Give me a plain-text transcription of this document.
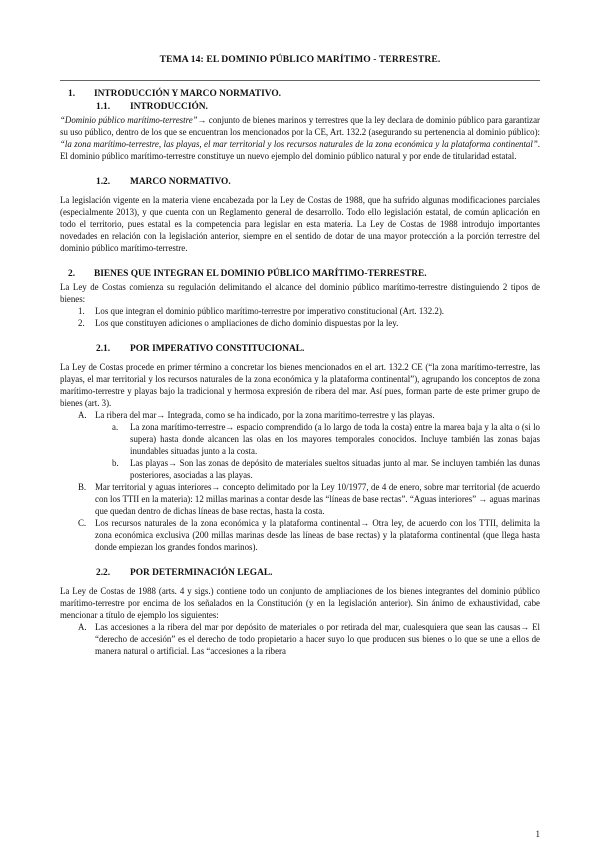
TEMA 14: EL DOMINIO PÚBLICO MARÍTIMO - TERRESTRE.
1. INTRODUCCIÓN Y MARCO NORMATIVO.
1.1. INTRODUCCIÓN.

“Dominio público marítimo-terrestre”→ conjunto de bienes marinos y terrestres que la ley declara de dominio público para garantizar su uso público, dentro de los que se encuentran los mencionados por la CE, Art. 132.2 (asegurando su pertenencia al dominio público): “la zona marítimo-terrestre, las playas, el mar territorial y los recursos naturales de la zona económica y la plataforma continental”. El dominio público marítimo-terrestre constituye un nuevo ejemplo del dominio público natural y por ende de titularidad estatal.

1.2. MARCO NORMATIVO.

La legislación vigente en la materia viene encabezada por la Ley de Costas de 1988, que ha sufrido algunas modificaciones parciales (especialmente 2013), y que cuenta con un Reglamento general de desarrollo. Todo ello legislación estatal, de común aplicación en todo el territorio, pues estatal es la competencia para legislar en esta materia. La Ley de Costas de 1988 introdujo importantes novedades en relación con la legislación anterior, siempre en el sentido de dotar de una mayor protección a la porción terrestre del dominio público marítimo-terrestre.

2. BIENES QUE INTEGRAN EL DOMINIO PÚBLICO MARÍTIMO-TERRESTRE.

La Ley de Costas comienza su regulación delimitando el alcance del dominio público marítimo-terrestre distinguiendo 2 tipos de bienes:

1. Los que integran el dominio público marítimo-terrestre por imperativo constitucional (Art. 132.2).
2. Los que constituyen adiciones o ampliaciones de dicho dominio dispuestas por la ley.
2.1. POR IMPERATIVO CONSTITUCIONAL.

La Ley de Costas procede en primer término a concretar los bienes mencionados en el art. 132.2 CE (“la zona marítimo-terrestre, las playas, el mar territorial y los recursos naturales de la zona económica y la plataforma continental”), agrupando los conceptos de zona marítimo-terrestre y playas bajo la tradicional y hermosa expresión de ribera del mar. Así pues, forman parte de este primer grupo de bienes (art. 3).

A. La ribera del mar→ Integrada, como se ha indicado, por la zona marítimo-terrestre y las playas.
a. La zona marítimo-terrestre→ espacio comprendido (a lo largo de toda la costa) entre la marea baja y la alta o (si lo supera) hasta donde alcancen las olas en los mayores temporales conocidos. Incluye también las zonas bajas inundables situadas junto a la costa.
b. Las playas→ Son las zonas de depósito de materiales sueltos situadas junto al mar. Se incluyen también las dunas posteriores, asociadas a las playas.
B. Mar territorial y aguas interiores→ concepto delimitado por la Ley 10/1977, de 4 de enero, sobre mar territorial (de acuerdo con los TTII en la materia): 12 millas marinas a contar desde las “líneas de base rectas”. “Aguas interiores” → aguas marinas que quedan dentro de dichas líneas de base rectas, hasta la costa.
C. Los recursos naturales de la zona económica y la plataforma continental→ Otra ley, de acuerdo con los TTII, delimita la zona económica exclusiva (200 millas marinas desde las líneas de base rectas) y la plataforma continental (que llega hasta donde empiezan los grandes fondos marinos).
2.2. POR DETERMINACIÓN LEGAL.

La Ley de Costas de 1988 (arts. 4 y sigs.) contiene todo un conjunto de ampliaciones de los bienes integrantes del dominio público marítimo-terrestre por encima de los señalados en la Constitución (y en la legislación anterior). Sin ánimo de exhaustividad, cabe mencionar a título de ejemplo los siguientes:

A. Las accesiones a la ribera del mar por depósito de materiales o por retirada del mar, cualesquiera que sean las causas→ El “derecho de accesión” es el derecho de todo propietario a hacer suyo lo que producen sus bienes o lo que se une a ellos de manera natural o artificial. Las “accesiones a la ribera
1
